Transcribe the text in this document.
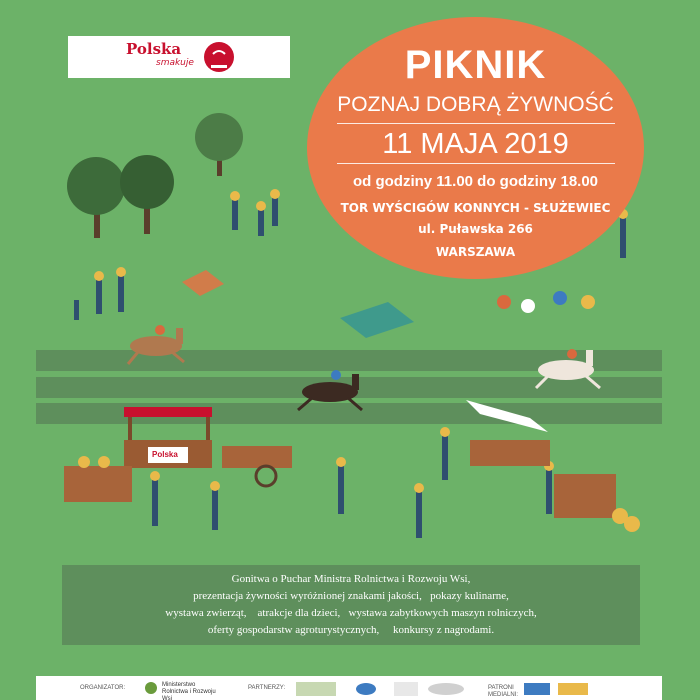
Polska
smakuje
Polska
PIKNIK
POZNAJ DOBRĄ ŻYWNOŚĆ
11 MAJA 2019
od godziny 11.00 do godziny 18.00
TOR WYŚCIGÓW KONNYCH - SŁUŻEWIEC
ul. Puławska 266
WARSZAWA
Gonitwa o Puchar Ministra Rolnictwa i Rozwoju Wsi,
prezentacja żywności wyróżnionej znakami jakości,   pokazy kulinarne,
wystawa zwierząt,    atrakcje dla dzieci,   wystawa zabytkowych maszyn rolniczych,
oferty gospodarstw agroturystycznych,     konkursy z nagrodami.
ORGANIZATOR:	Ministerstwo Rolnictwa i Rozwoju Wsi
PARTNERZY:	PATRONI MEDIALNI:
